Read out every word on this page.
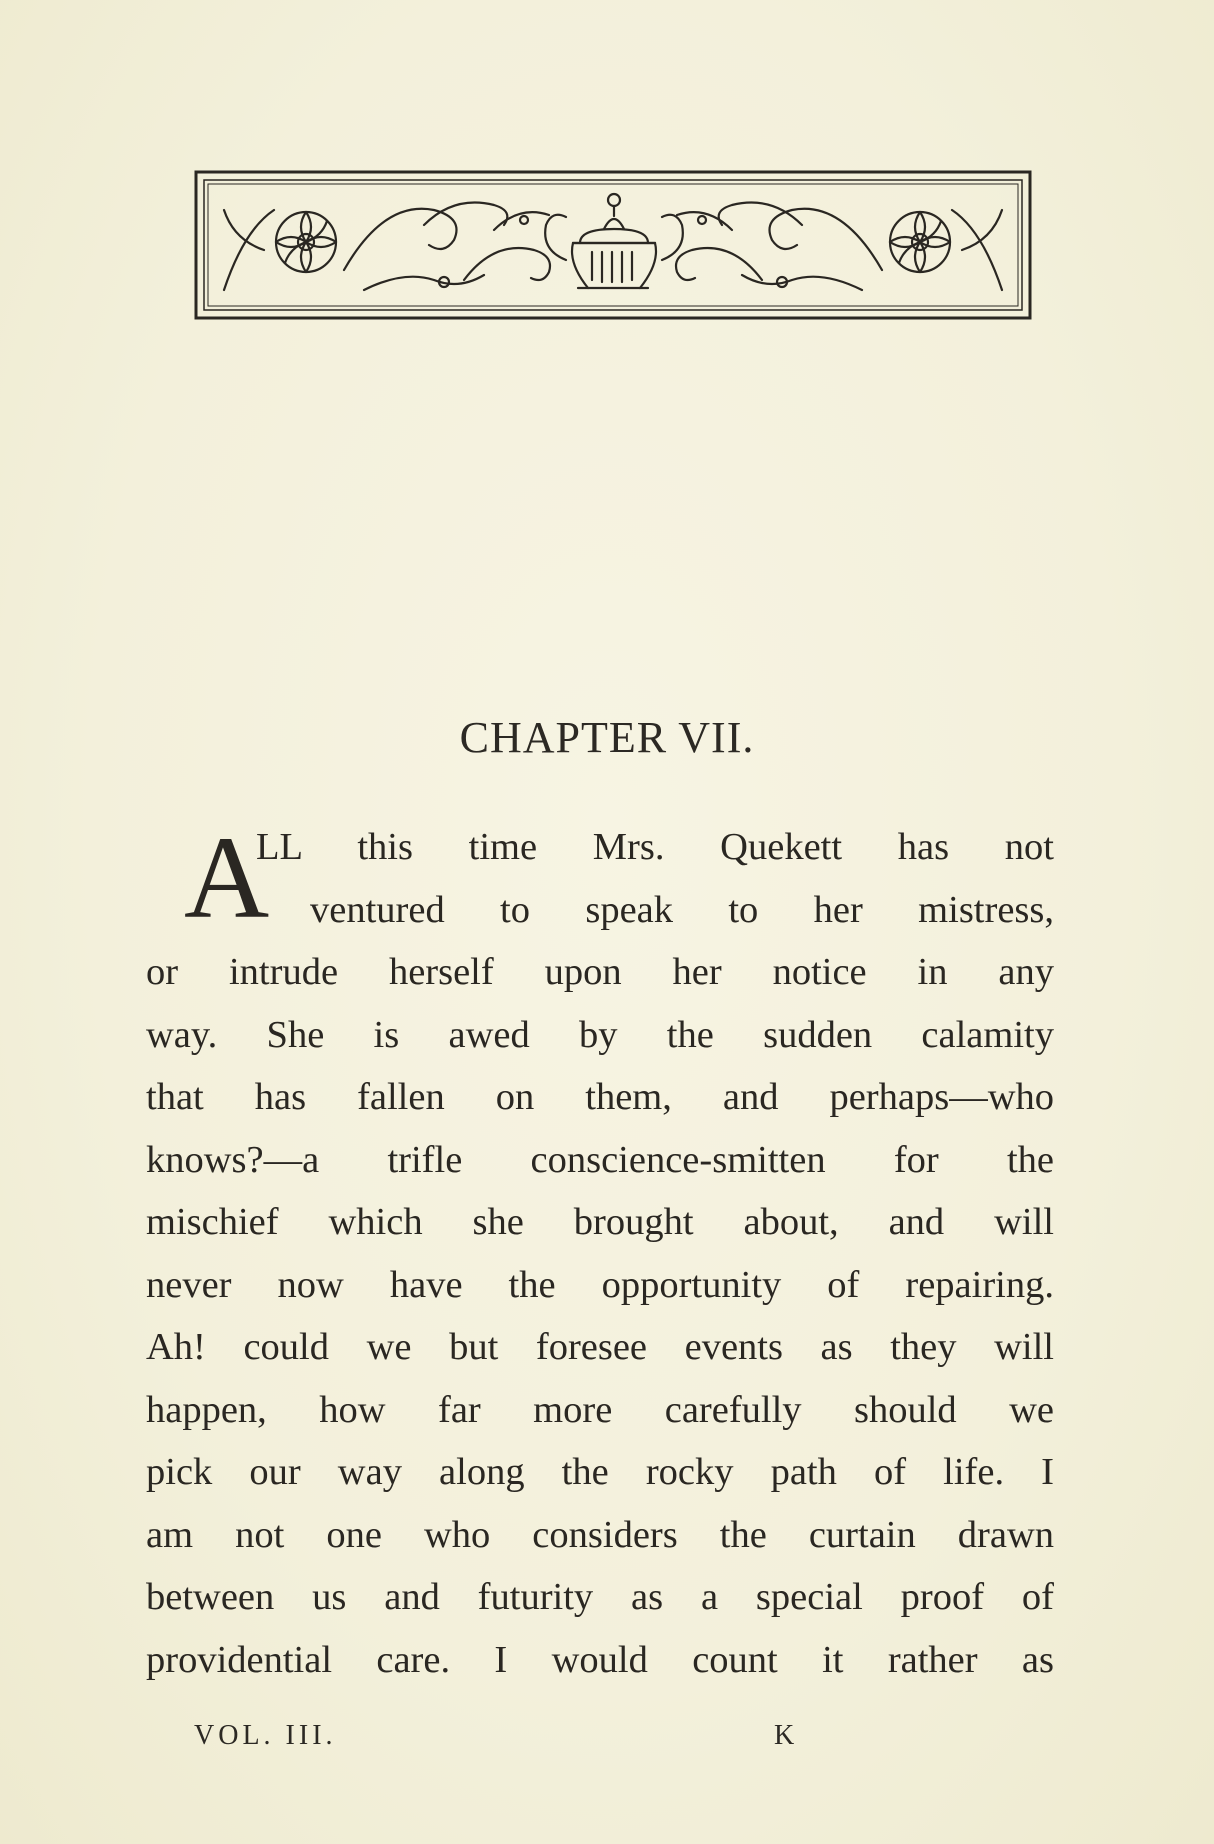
CHAPTER VII.
A
LL this time Mrs. Quekett has not
ventured to speak to her mistress,
or intrude herself upon her notice in any
way. She is awed by the sudden calamity
that has fallen on them, and perhaps—who
knows?—a trifle conscience-smitten for the
mischief which she brought about, and will
never now have the opportunity of repairing.
Ah! could we but foresee events as they will
happen, how far more carefully should we
pick our way along the rocky path of life. I
am not one who considers the curtain drawn
between us and futurity as a special proof of
providential care. I would count it rather as
VOL. III.	K
